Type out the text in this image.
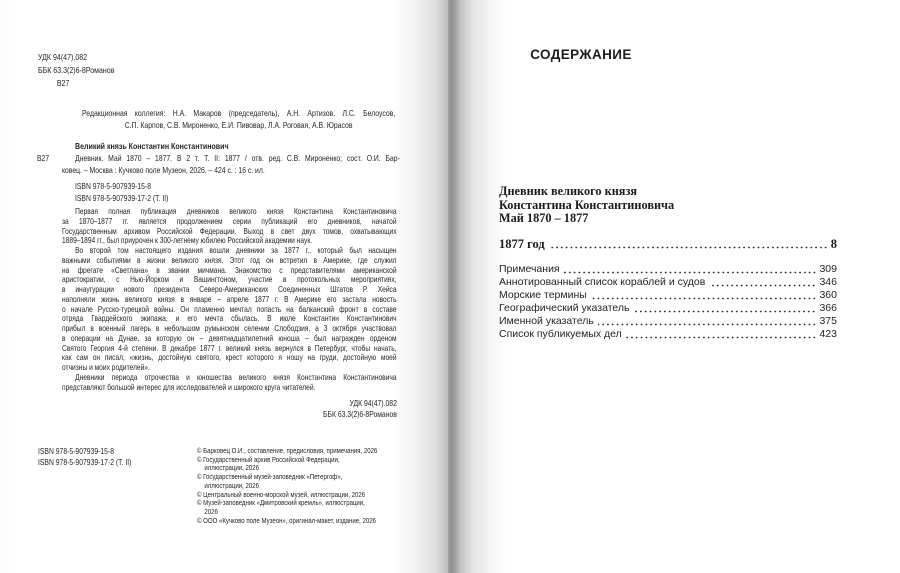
УДК 94(47).082
ББК 63.3(2)6-8Романов
В27
Редакционная коллегия: Н.А. Макаров (председатель), А.Н. Артизов, Л.С. Белоусов,
С.П. Карпов, С.В. Мироненко, Е.И. Пивовар, Л.А. Роговая, А.В. Юрасов
Великий князь Константин Константинович
В27	Дневник. Май 1870 – 1877. В 2 т. Т. II: 1877 / отв. ред. С.В. Мироненко; сост. О.И. Бар-
ковец. – Москва : Кучково поле Музеон, 2026. – 424 с. : 16 с. ил.
ISBN 978-5-907939-15-8
ISBN 978-5-907939-17-2 (Т. II)

Первая полная публикация дневников великого князя Константина Константиновича
за 1870–1877 гг. является продолжением серии публикаций его дневников, начатой
Государственным архивом Российской Федерации. Выход в свет двух томов, охватывающих
1889–1894 гг., был приурочен к 300-летнему юбилею Российской академии наук.

Во второй том настоящего издания вошли дневники за 1877 г., который был насыщен
важными событиями в жизни великого князя. Этот год он встретил в Америке, где служил
на фрегате «Светлана» в звании мичмана. Знакомство с представителями американской
аристократии, с Нью-Йорком и Вашингтоном, участие в протокольных мероприятиях,
в инаугурации нового президента Северо-Американских Соединенных Штатов Р. Хейса
наполняли жизнь великого князя в январе – апреле 1877 г. В Америке его застала новость
о начале Русско-турецкой войны. Он пламенно мечтал попасть на балканский фронт в составе
отряда Гвардейского экипажа, и его мечта сбылась. В июле Константин Константинович
прибыл в военный лагерь в небольшом румынском селении Слободзия, а 3 октября участвовал
в операции на Дунае, за которую он – девятнадцатилетний юноша – был награжден орденом
Святого Георгия 4-й степени. В декабре 1877 г. великий князь вернулся в Петербург, чтобы начать,
как сам он писал, «жизнь, достойную святого, крест которого я ношу на груди, достойную моей
отчизны и моих родителей».

Дневники периода отрочества и юношества великого князя Константина Константиновича
представляют большой интерес для исследователей и широкого круга читателей.

УДК 94(47).082
ББК 63.3(2)6-8Романов
ISBN 978-5-907939-15-8
ISBN 978-5-907939-17-2 (Т. II)
© Барковец О.И., составление, предисловия, примечания, 2026
© Государственный архив Российской Федерации,
иллюстрации, 2026
© Государственный музей-заповедник «Петергоф»,
иллюстрации, 2026
© Центральный военно-морской музей, иллюстрации, 2026
© Музей-заповедник «Дмитровский кремль», иллюстрации,
2026
© ООО «Кучково поле Музеон», оригинал-макет, издание, 2026
СОДЕРЖАНИЕ
Дневник великого князя
Константина Константиновича
Май 1870 – 1877
1877 год	8
Примечания	309
Аннотированный список кораблей и судов	346
Морские термины	360
Географический указатель	366
Именной указатель	375
Список публикуемых дел	423
